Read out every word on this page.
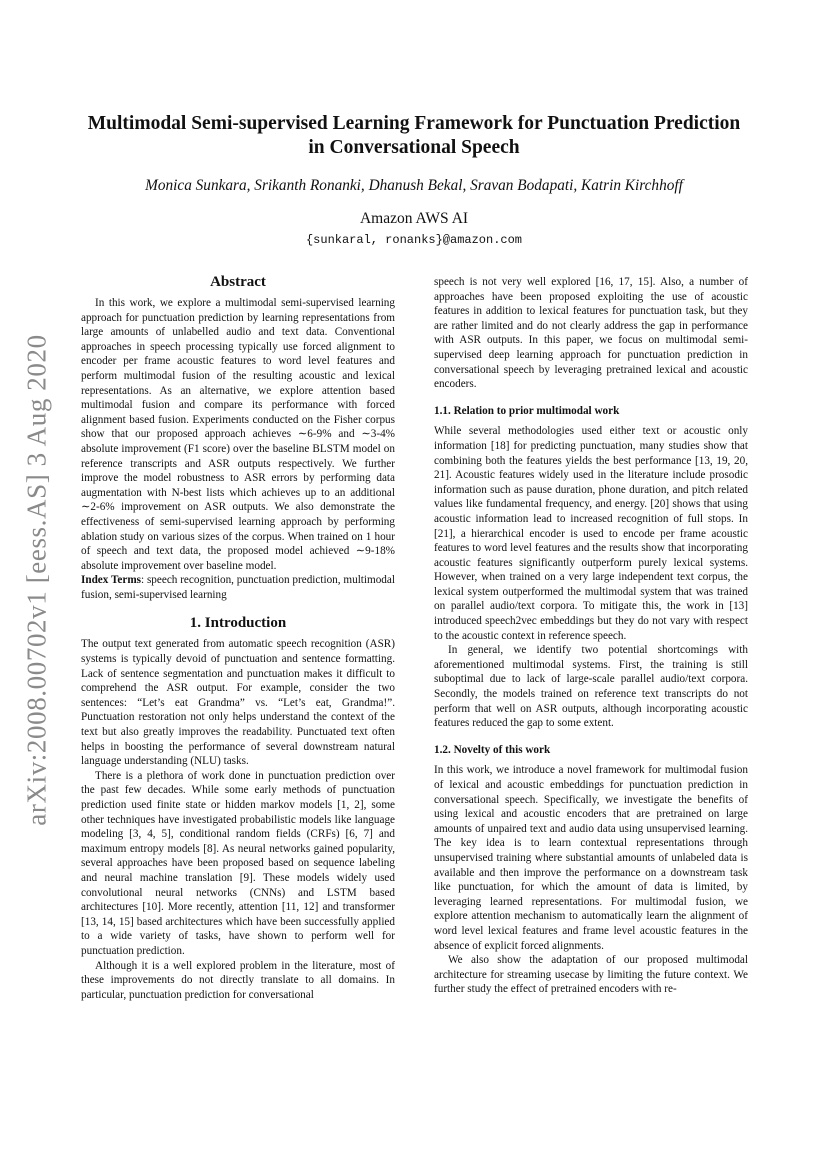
arXiv:2008.00702v1 [eess.AS] 3 Aug 2020
Multimodal Semi-supervised Learning Framework for Punctuation Prediction
in Conversational Speech
Monica Sunkara, Srikanth Ronanki, Dhanush Bekal, Sravan Bodapati, Katrin Kirchhoff
Amazon AWS AI
{sunkaral, ronanks}@amazon.com
Abstract

In this work, we explore a multimodal semi-supervised learning approach for punctuation prediction by learning representations from large amounts of unlabelled audio and text data. Conventional approaches in speech processing typically use forced alignment to encoder per frame acoustic features to word level features and perform multimodal fusion of the resulting acoustic and lexical representations. As an alternative, we explore attention based multimodal fusion and compare its performance with forced alignment based fusion. Experiments conducted on the Fisher corpus show that our proposed approach achieves ∼6-9% and ∼3-4% absolute improvement (F1 score) over the baseline BLSTM model on reference transcripts and ASR outputs respectively. We further improve the model robustness to ASR errors by performing data augmentation with N-best lists which achieves up to an additional ∼2-6% improvement on ASR outputs. We also demonstrate the effectiveness of semi-supervised learning approach by performing ablation study on various sizes of the corpus. When trained on 1 hour of speech and text data, the proposed model achieved ∼9-18% absolute improvement over baseline model.

Index Terms: speech recognition, punctuation prediction, multimodal fusion, semi-supervised learning

1. Introduction

The output text generated from automatic speech recognition (ASR) systems is typically devoid of punctuation and sentence formatting. Lack of sentence segmentation and punctuation makes it difficult to comprehend the ASR output. For example, consider the two sentences: “Let’s eat Grandma” vs. “Let’s eat, Grandma!”. Punctuation restoration not only helps understand the context of the text but also greatly improves the readability. Punctuated text often helps in boosting the performance of several downstream natural language understanding (NLU) tasks.

There is a plethora of work done in punctuation prediction over the past few decades. While some early methods of punctuation prediction used finite state or hidden markov models [1, 2], some other techniques have investigated probabilistic models like language modeling [3, 4, 5], conditional random fields (CRFs) [6, 7] and maximum entropy models [8]. As neural networks gained popularity, several approaches have been proposed based on sequence labeling and neural machine translation [9]. These models widely used convolutional neural networks (CNNs) and LSTM based architectures [10]. More recently, attention [11, 12] and transformer [13, 14, 15] based architectures which have been successfully applied to a wide variety of tasks, have shown to perform well for punctuation prediction.

Although it is a well explored problem in the literature, most of these improvements do not directly translate to all domains. In particular, punctuation prediction for conversational

speech is not very well explored [16, 17, 15]. Also, a number of approaches have been proposed exploiting the use of acoustic features in addition to lexical features for punctuation task, but they are rather limited and do not clearly address the gap in performance with ASR outputs. In this paper, we focus on multimodal semi-supervised deep learning approach for punctuation prediction in conversational speech by leveraging pretrained lexical and acoustic encoders.

1.1. Relation to prior multimodal work

While several methodologies used either text or acoustic only information [18] for predicting punctuation, many studies show that combining both the features yields the best performance [13, 19, 20, 21]. Acoustic features widely used in the literature include prosodic information such as pause duration, phone duration, and pitch related values like fundamental frequency, and energy. [20] shows that using acoustic information lead to increased recognition of full stops. In [21], a hierarchical encoder is used to encode per frame acoustic features to word level features and the results show that incorporating acoustic features significantly outperform purely lexical systems. However, when trained on a very large independent text corpus, the lexical system outperformed the multimodal system that was trained on parallel audio/text corpora. To mitigate this, the work in [13] introduced speech2vec embeddings but they do not vary with respect to the acoustic context in reference speech.

In general, we identify two potential shortcomings with aforementioned multimodal systems. First, the training is still suboptimal due to lack of large-scale parallel audio/text corpora. Secondly, the models trained on reference text transcripts do not perform that well on ASR outputs, although incorporating acoustic features reduced the gap to some extent.

1.2. Novelty of this work

In this work, we introduce a novel framework for multimodal fusion of lexical and acoustic embeddings for punctuation prediction in conversational speech. Specifically, we investigate the benefits of using lexical and acoustic encoders that are pretrained on large amounts of unpaired text and audio data using unsupervised learning. The key idea is to learn contextual representations through unsupervised training where substantial amounts of unlabeled data is available and then improve the performance on a downstream task like punctuation, for which the amount of data is limited, by leveraging learned representations. For multimodal fusion, we explore attention mechanism to automatically learn the alignment of word level lexical features and frame level acoustic features in the absence of explicit forced alignments.

We also show the adaptation of our proposed multimodal architecture for streaming usecase by limiting the future context. We further study the effect of pretrained encoders with re-
